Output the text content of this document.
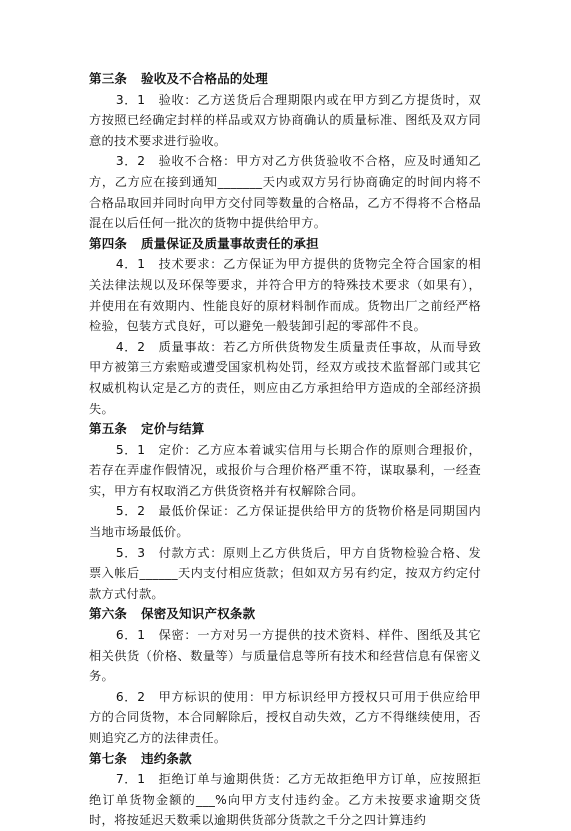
第三条 验收及不合格品的处理
3．1　验收：乙方送货后合理期限内或在甲方到乙方提货时，双方按照已经确定封样的样品或双方协商确认的质量标准、图纸及双方同意的技术要求进行验收。
3．2　验收不合格：甲方对乙方供货验收不合格，应及时通知乙方，乙方应在接到通知_______天内或双方另行协商确定的时间内将不合格品取回并同时向甲方交付同等数量的合格品，乙方不得将不合格品混在以后任何一批次的货物中提供给甲方。
第四条 质量保证及质量事故责任的承担
4．1　技术要求：乙方保证为甲方提供的货物完全符合国家的相关法律法规以及环保等要求，并符合甲方的特殊技术要求（如果有），并使用在有效期内、性能良好的原材料制作而成。货物出厂之前经严格检验，包装方式良好，可以避免一般装卸引起的零部件不良。
4．2　质量事故：若乙方所供货物发生质量责任事故，从而导致甲方被第三方索赔或遭受国家机构处罚，经双方或技术监督部门或其它权威机构认定是乙方的责任，则应由乙方承担给甲方造成的全部经济损失。
第五条 定价与结算
5．1　定价：乙方应本着诚实信用与长期合作的原则合理报价，若存在弄虚作假情况，或报价与合理价格严重不符，谋取暴利，一经查实，甲方有权取消乙方供货资格并有权解除合同。
5．2　最低价保证：乙方保证提供给甲方的货物价格是同期国内当地市场最低价。
5．3　付款方式：原则上乙方供货后，甲方自货物检验合格、发票入帐后______天内支付相应货款；但如双方另有约定，按双方约定付款方式付款。
第六条 保密及知识产权条款
6．1　保密：一方对另一方提供的技术资料、样件、图纸及其它相关供货（价格、数量等）与质量信息等所有技术和经营信息有保密义务。
6．2　甲方标识的使用：甲方标识经甲方授权只可用于供应给甲方的合同货物，本合同解除后，授权自动失效，乙方不得继续使用，否则追究乙方的法律责任。
第七条 违约条款
7．1　拒绝订单与逾期供货：乙方无故拒绝甲方订单，应按照拒绝订单货物金额的___%向甲方支付违约金。乙方未按要求逾期交货时，将按延迟天数乘以逾期供货部分货款之千分之四计算违约
